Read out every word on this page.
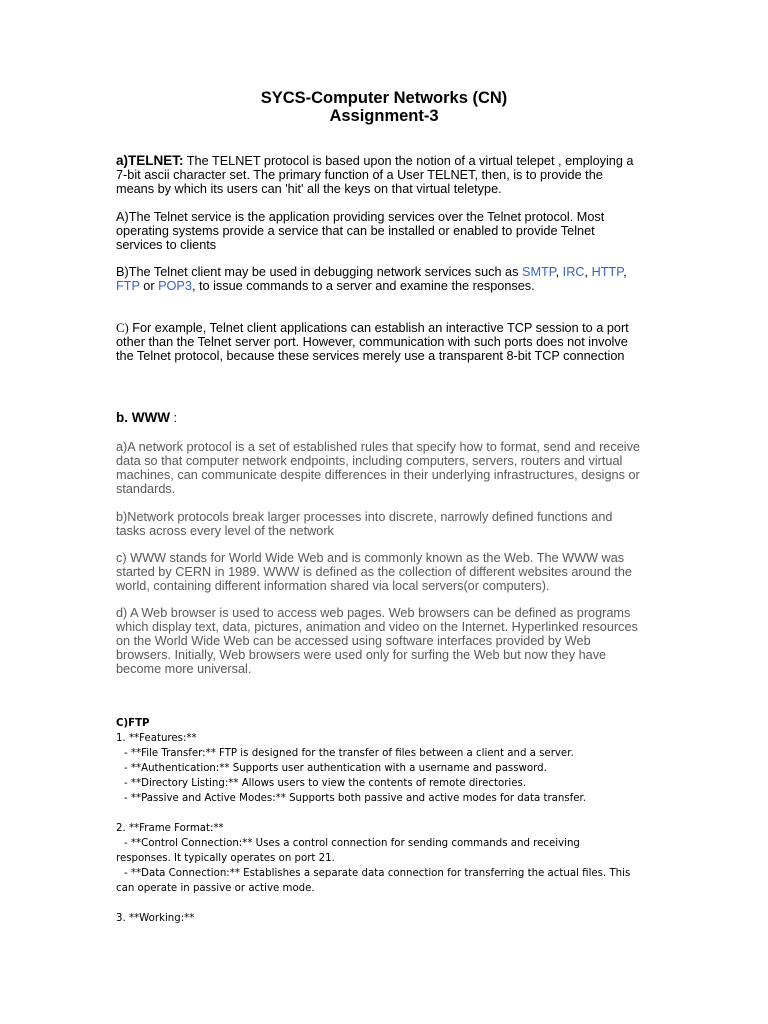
SYCS-Computer Networks (CN)
Assignment-3
a)TELNET: The TELNET protocol is based upon the notion of a virtual telepet , employing a
7-bit ascii character set. The primary function of a User TELNET, then, is to provide the
means by which its users can 'hit' all the keys on that virtual teletype.
A)The Telnet service is the application providing services over the Telnet protocol. Most
operating systems provide a service that can be installed or enabled to provide Telnet
services to clients
B)The Telnet client may be used in debugging network services such as SMTP, IRC, HTTP,
FTP or POP3, to issue commands to a server and examine the responses.
C) For example, Telnet client applications can establish an interactive TCP session to a port
other than the Telnet server port. However, communication with such ports does not involve
the Telnet protocol, because these services merely use a transparent 8-bit TCP connection
b. WWW :
a)A network protocol is a set of established rules that specify how to format, send and receive
data so that computer network endpoints, including computers, servers, routers and virtual
machines, can communicate despite differences in their underlying infrastructures, designs or
standards.
b)Network protocols break larger processes into discrete, narrowly defined functions and
tasks across every level of the network
c) WWW stands for World Wide Web and is commonly known as the Web. The WWW was
started by CERN in 1989. WWW is defined as the collection of different websites around the
world, containing different information shared via local servers(or computers).
d) A Web browser is used to access web pages. Web browsers can be defined as programs
which display text, data, pictures, animation and video on the Internet. Hyperlinked resources
on the World Wide Web can be accessed using software interfaces provided by Web
browsers. Initially, Web browsers were used only for surfing the Web but now they have
become more universal.
C)FTP
1. **Features:**
- **File Transfer:** FTP is designed for the transfer of files between a client and a server.
- **Authentication:** Supports user authentication with a username and password.
- **Directory Listing:** Allows users to view the contents of remote directories.
- **Passive and Active Modes:** Supports both passive and active modes for data transfer.
2. **Frame Format:**
- **Control Connection:** Uses a control connection for sending commands and receiving
responses. It typically operates on port 21.
- **Data Connection:** Establishes a separate data connection for transferring the actual files. This
can operate in passive or active mode.
3. **Working:**
